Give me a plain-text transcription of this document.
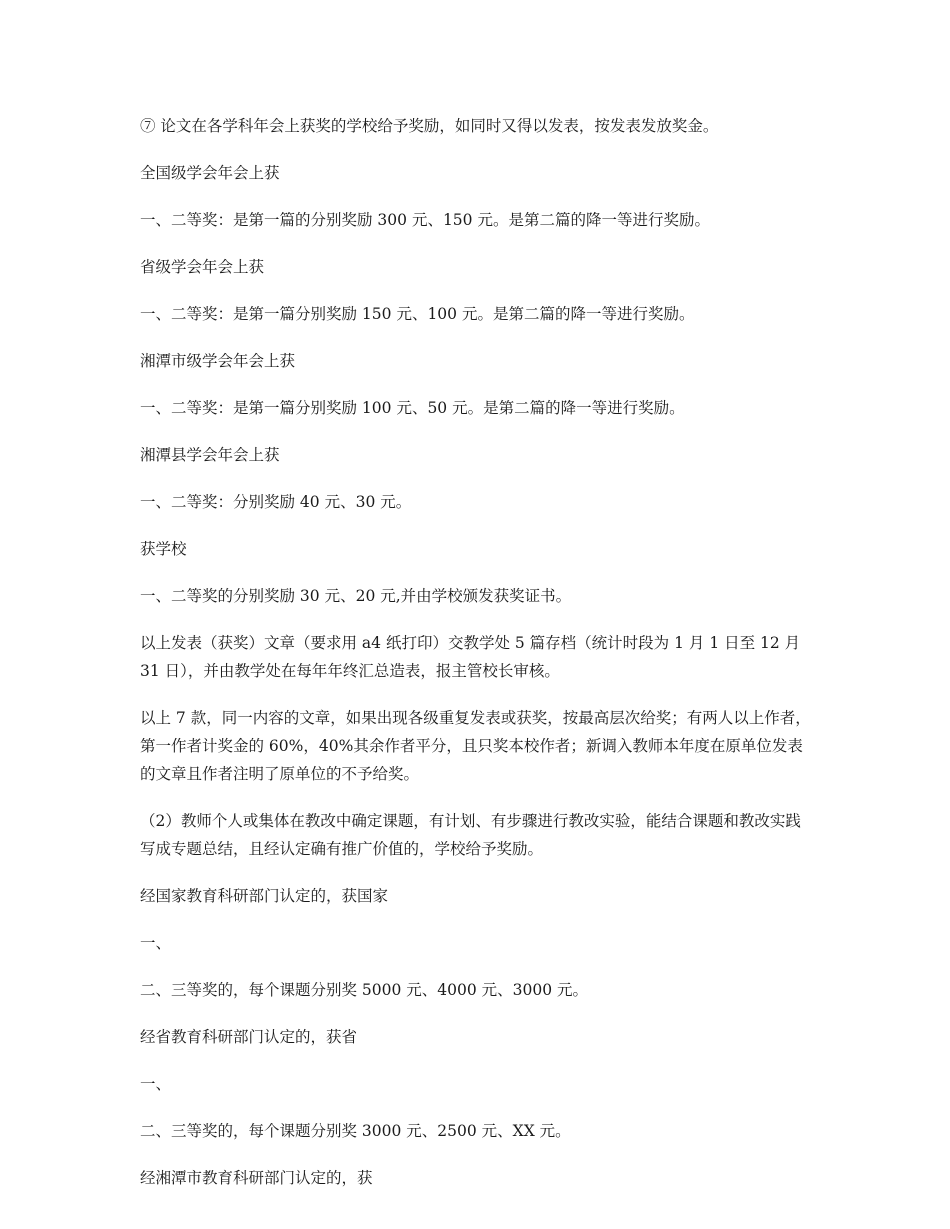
⑦ 论文在各学科年会上获奖的学校给予奖励，如同时又得以发表，按发表发放奖金。

全国级学会年会上获

一、二等奖：是第一篇的分别奖励 300 元、150 元。是第二篇的降一等进行奖励。

省级学会年会上获

一、二等奖：是第一篇分别奖励 150 元、100 元。是第二篇的降一等进行奖励。

湘潭市级学会年会上获

一、二等奖：是第一篇分别奖励 100 元、50 元。是第二篇的降一等进行奖励。

湘潭县学会年会上获

一、二等奖：分别奖励 40 元、30 元。

获学校

一、二等奖的分别奖励 30 元、20 元,并由学校颁发获奖证书。

以上发表（获奖）文章（要求用 a4 纸打印）交教学处 5 篇存档（统计时段为 1 月 1 日至 12 月 31 日），并由教学处在每年年终汇总造表，报主管校长审核。

以上 7 款，同一内容的文章，如果出现各级重复发表或获奖，按最高层次给奖；有两人以上作者，第一作者计奖金的 60%，40%其余作者平分，且只奖本校作者；新调入教师本年度在原单位发表的文章且作者注明了原单位的不予给奖。

（2）教师个人或集体在教改中确定课题，有计划、有步骤进行教改实验，能结合课题和教改实践写成专题总结，且经认定确有推广价值的，学校给予奖励。

经国家教育科研部门认定的，获国家

一、

二、三等奖的，每个课题分别奖 5000 元、4000 元、3000 元。

经省教育科研部门认定的，获省

一、

二、三等奖的，每个课题分别奖 3000 元、2500 元、XX 元。

经湘潭市教育科研部门认定的，获
